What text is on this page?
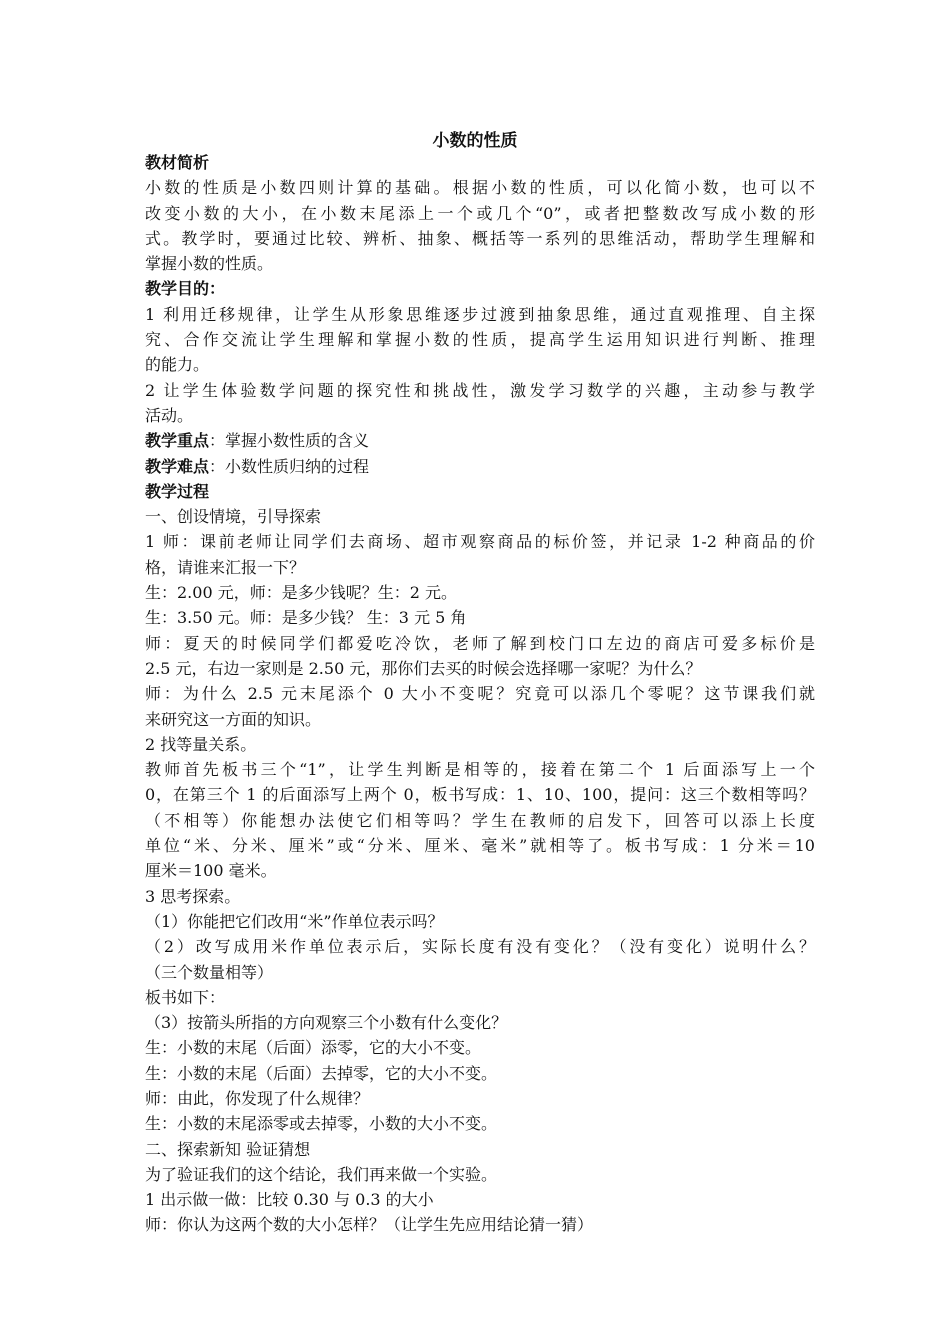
小数的性质
教材简析
小数的性质是小数四则计算的基础。根据小数的性质，可以化简小数，也可以不
改变小数的大小，在小数末尾添上一个或几个“0”，或者把整数改写成小数的形
式。教学时，要通过比较、辨析、抽象、概括等一系列的思维活动，帮助学生理解和
掌握小数的性质。
教学目的：
1 利用迁移规律，让学生从形象思维逐步过渡到抽象思维，通过直观推理、自主探
究、合作交流让学生理解和掌握小数的性质，提高学生运用知识进行判断、推理
的能力。
2 让学生体验数学问题的探究性和挑战性，激发学习数学的兴趣，主动参与教学
活动。
教学重点：掌握小数性质的含义
教学难点：小数性质归纳的过程
教学过程
一、创设情境，引导探索
1 师：课前老师让同学们去商场、超市观察商品的标价签，并记录 1-2 种商品的价
格，请谁来汇报一下？
生：2.00 元，师：是多少钱呢？生：2 元。
生：3.50 元。师：是多少钱？ 生：3 元 5 角
师：夏天的时候同学们都爱吃冷饮，老师了解到校门口左边的商店可爱多标价是
2.5 元，右边一家则是 2.50 元，那你们去买的时候会选择哪一家呢？为什么？
师：为什么 2.5 元末尾添个 0 大小不变呢？究竟可以添几个零呢？这节课我们就
来研究这一方面的知识。
2 找等量关系。
教师首先板书三个“1”，让学生判断是相等的，接着在第二个 1 后面添写上一个
0，在第三个 1 的后面添写上两个 0，板书写成：1、10、100，提问：这三个数相等吗？
（不相等）你能想办法使它们相等吗？学生在教师的启发下，回答可以添上长度
单位“米、分米、厘米”或“分米、厘米、毫米”就相等了。板书写成：1 分米＝10
厘米＝100 毫米。
3 思考探索。
（1）你能把它们改用“米”作单位表示吗？
（2）改写成用米作单位表示后，实际长度有没有变化？（没有变化）说明什么？
（三个数量相等）
板书如下：
（3）按箭头所指的方向观察三个小数有什么变化？
生：小数的末尾（后面）添零，它的大小不变。
生：小数的末尾（后面）去掉零，它的大小不变。
师：由此，你发现了什么规律？
生：小数的末尾添零或去掉零，小数的大小不变。
二、探索新知 验证猜想
为了验证我们的这个结论，我们再来做一个实验。
1 出示做一做：比较 0.30 与 0.3 的大小
师：你认为这两个数的大小怎样？（让学生先应用结论猜一猜）
